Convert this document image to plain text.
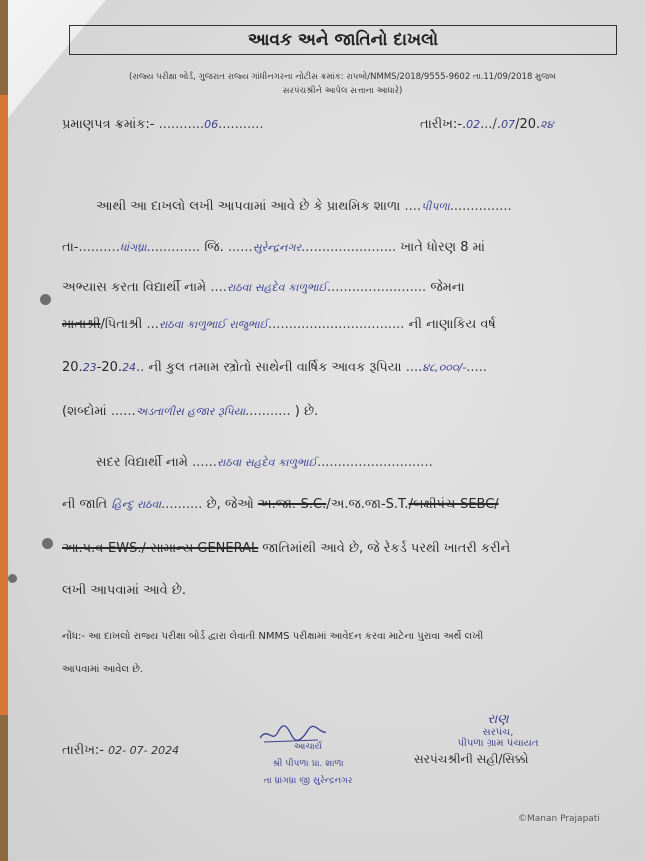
આવક અને જાતિનો દાખલો
(રાજ્ય પરીક્ષા બોર્ડ, ગુજરાત રાજ્ય ગાંધીનગરના નોટીસ ક્રમાંક: રાપબો/NMMS/2018/9555-9602 તા.11/09/2018 મુજબ
સરપંચશ્રીને આપેલ સત્તાના આધારે)
પ્રમાણપત્ર ક્રમાંક:- ...........06...........	તારીખ:-.02.../.07/20.૨૪
આથી આ દાખલો લખી આપવામાં આવે છે કે પ્રાથમિક શાળા ....પીપળા...............
તા-..........ધાંગધ્રા............. જિ. ......સુરેન્દ્રનગર....................... ખાતે ધોરણ 8 માં
અભ્યાસ કરતા વિદ્યાર્થી નામે ....રાઠવા સહદેવ કાળુભાઈ........................ જેમના
માતાશ્રી/પિતાશ્રી ...રાઠવા કાળુભાઈ રાજુભાઈ................................. ની નાણાકિય વર્ષ
20.23-20.24.. ની કુલ તમામ સ્ત્રોતો સાથેની વાર્ષિક આવક રૂપિયા ....૪૮,૦૦૦/-.....
(શબ્દોમાં ......અડતાળીસ હજાર રૂપિયા........... ) છે.
સદર વિદ્યાર્થી નામે ......રાઠવા સહદેવ કાળુભાઈ............................
ની જાતિ હિન્દુ રાઠવા.......... છે, જેઓ અ.જા.-S.C./અ.જ.જા-S.T./બક્ષીપંચ-SEBC/
આ.પ.વ-EWS./ સામાન્ય GENERAL જાતિમાંથી આવે છે, જે રેકર્ડ પરથી ખાતરી કરીને
લખી આપવામાં આવે છે.
નોંધ:- આ દાખલો રાજ્ય પરીક્ષા બોર્ડ દ્વારા લેવાતી NMMS પરીક્ષામાં આવેદન કરવા માટેના પુરાવા અર્થે લખી
આપવામાં આવેલ છે.
તારીખ:- 02- 07- 2024	આચાર્ય
શ્રી પીપળા પ્રા. શાળા
તા ધ્રાંગધ્રા જી સુરેન્દ્રનગર
રાણ
સરપંચ,
પીપળા ગ્રામ પંચાયત
સરપંચશ્રીની સહી/સિક્કો
©Manan Prajapati
